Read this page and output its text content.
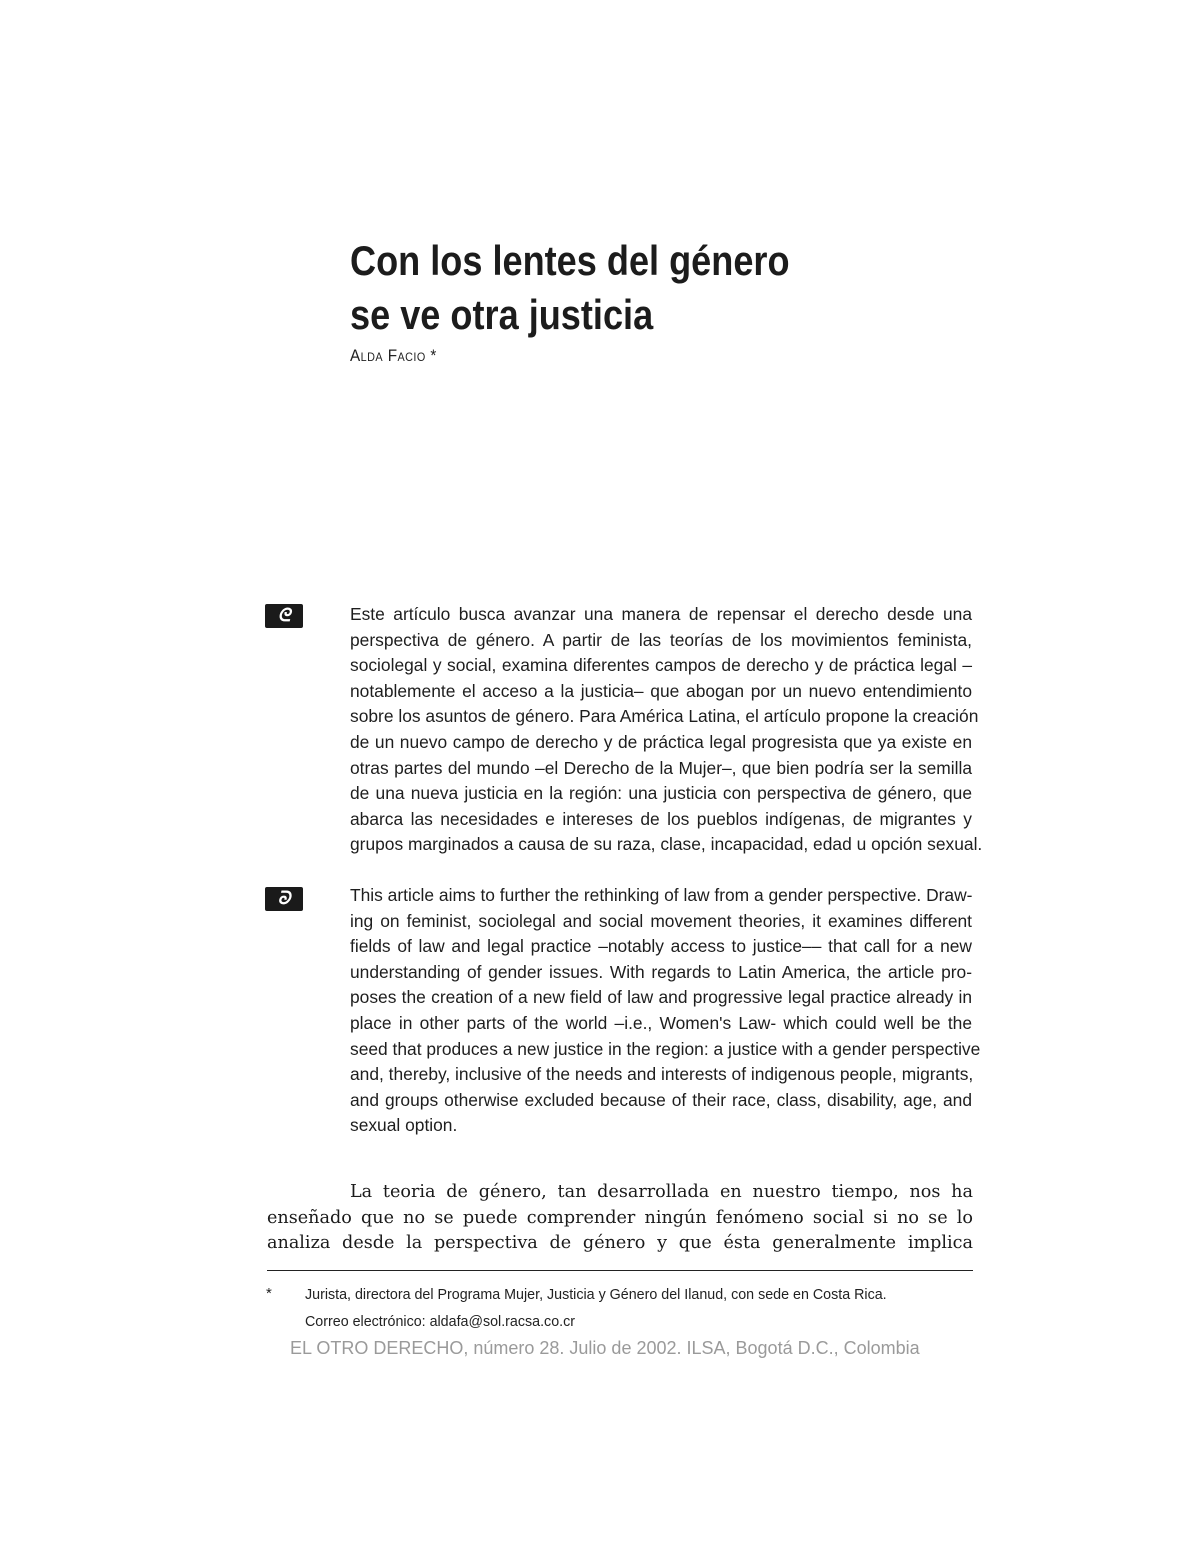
Con los lentes del género
se ve otra justicia
Alda Facio *
ᘓ	Este artículo busca avanzar una manera de repensar el derecho desde una
perspectiva de género. A partir de las teorías de los movimientos feminista,
sociolegal y social, examina diferentes campos de derecho y de práctica legal –
notablemente el acceso a la justicia– que abogan por un nuevo entendimiento
sobre los asuntos de género. Para América Latina, el artículo propone la creación
de un nuevo campo de derecho y de práctica legal progresista que ya existe en
otras partes del mundo –el Derecho de la Mujer–, que bien podría ser la semilla
de una nueva justicia en la región: una justicia con perspectiva de género, que
abarca las necesidades e intereses de los pueblos indígenas, de migrantes y
grupos marginados a causa de su raza, clase, incapacidad, edad u opción sexual.
ᘐ	This article aims to further the rethinking of law from a gender perspective. Draw-
ing on feminist, sociolegal and social movement theories, it examines different
fields of law and legal practice –notably access to justice–– that call for a new
understanding of gender issues. With regards to Latin America, the article pro-
poses the creation of a new field of law and progressive legal practice already in
place in other parts of the world –i.e., Women's Law- which could well be the
seed that produces a new justice in the region: a justice with a gender perspective
and, thereby, inclusive of the needs and interests of indigenous people, migrants,
and groups otherwise excluded because of their race, class, disability, age, and
sexual option.
La teoria de género, tan desarrollada en nuestro tiempo, nos ha
enseñado que no se puede comprender ningún fenómeno social si no se lo
analiza desde la perspectiva de género y que ésta generalmente implica
* Jurista, directora del Programa Mujer, Justicia y Género del Ilanud, con sede en Costa Rica.
Correo electrónico: aldafa@sol.racsa.co.cr
EL OTRO DERECHO, número 28. Julio de 2002. ILSA, Bogotá D.C., Colombia
